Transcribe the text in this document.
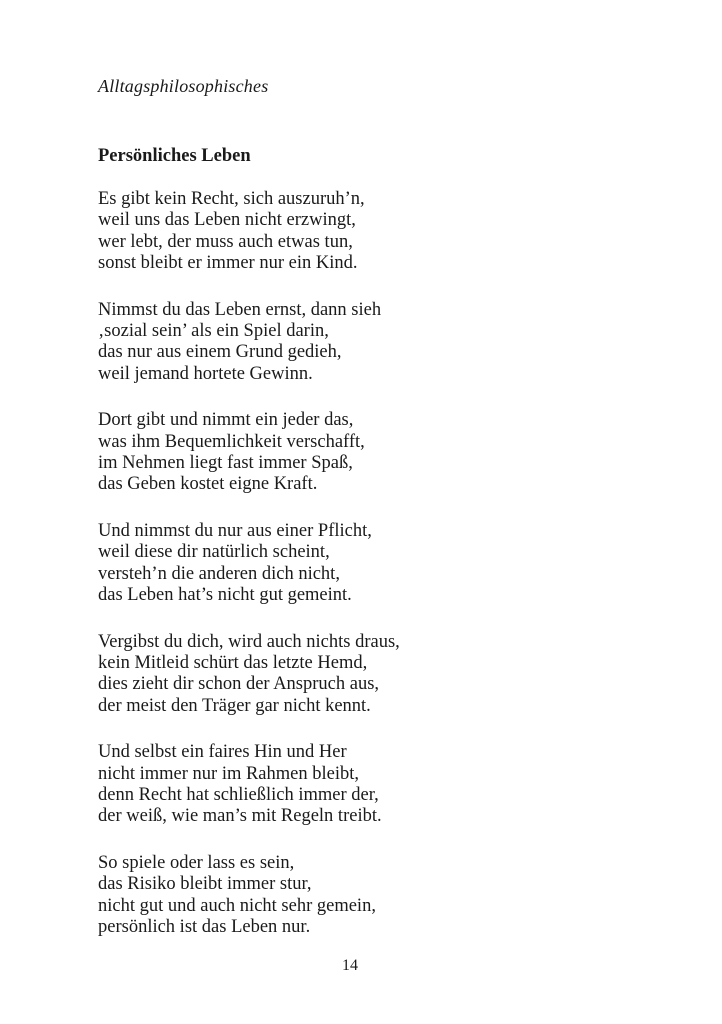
Alltagsphilosophisches
Persönliches Leben
Es gibt kein Recht, sich auszuruh’n,
weil uns das Leben nicht erzwingt,
wer lebt, der muss auch etwas tun,
sonst bleibt er immer nur ein Kind.
Nimmst du das Leben ernst, dann sieh
‚sozial sein’ als ein Spiel darin,
das nur aus einem Grund gedieh,
weil jemand hortete Gewinn.
Dort gibt und nimmt ein jeder das,
was ihm Bequemlichkeit verschafft,
im Nehmen liegt fast immer Spaß,
das Geben kostet eigne Kraft.
Und nimmst du nur aus einer Pflicht,
weil diese dir natürlich scheint,
versteh’n die anderen dich nicht,
das Leben hat’s nicht gut gemeint.
Vergibst du dich, wird auch nichts draus,
kein Mitleid schürt das letzte Hemd,
dies zieht dir schon der Anspruch aus,
der meist den Träger gar nicht kennt.
Und selbst ein faires Hin und Her
nicht immer nur im Rahmen bleibt,
denn Recht hat schließlich immer der,
der weiß, wie man’s mit Regeln treibt.
So spiele oder lass es sein,
das Risiko bleibt immer stur,
nicht gut und auch nicht sehr gemein,
persönlich ist das Leben nur.
14
